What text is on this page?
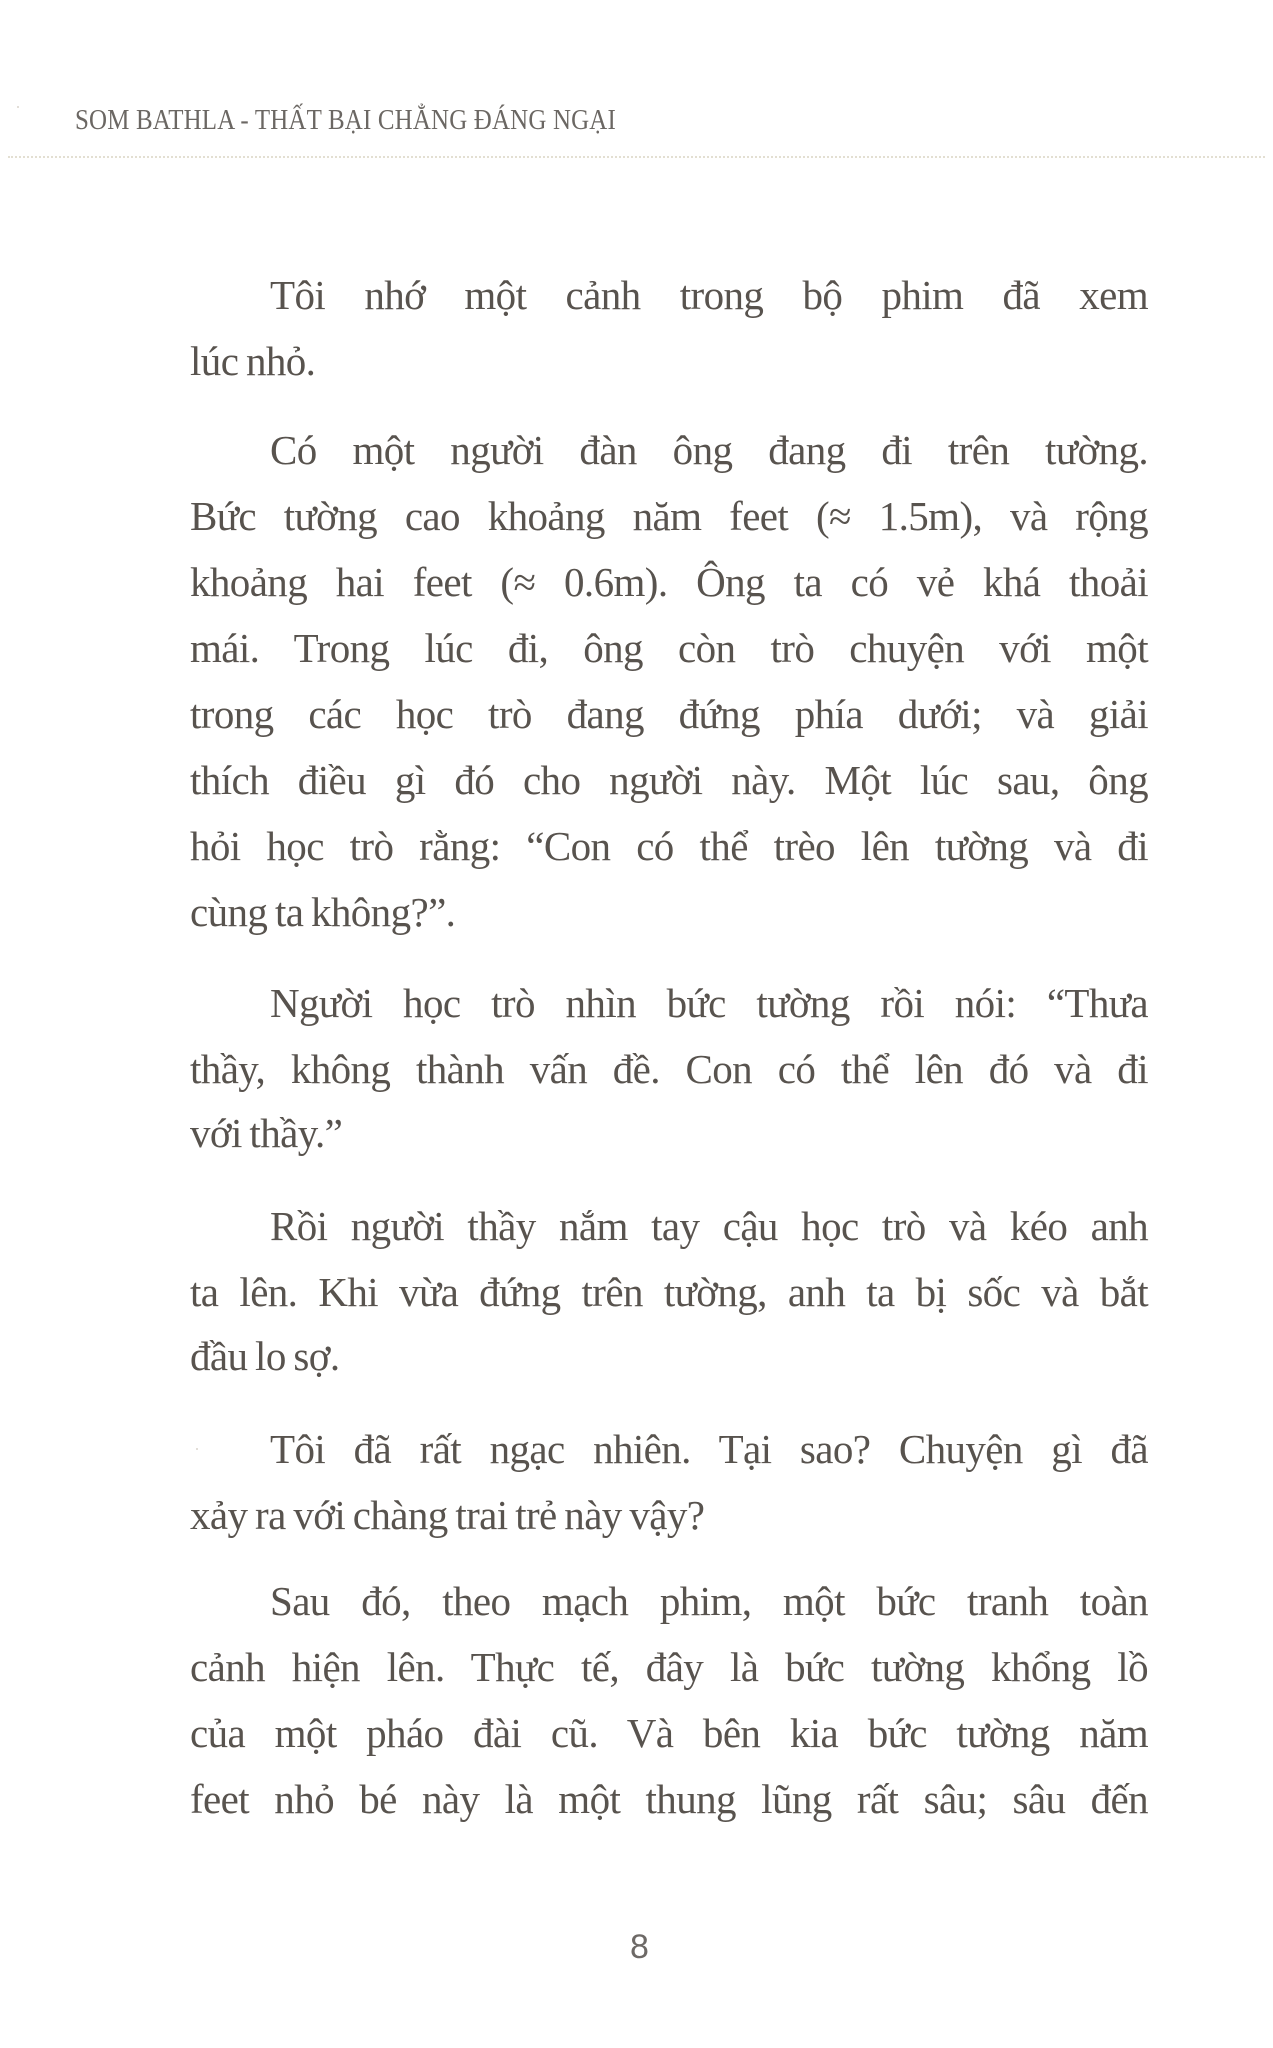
SOM BATHLA - THẤT BẠI CHẲNG ĐÁNG NGẠI
Tôi nhớ một cảnh trong bộ phim đã xem
lúc nhỏ.
Có một người đàn ông đang đi trên tường.
Bức tường cao khoảng năm feet (≈ 1.5m), và rộng
khoảng hai feet (≈ 0.6m). Ông ta có vẻ khá thoải
mái. Trong lúc đi, ông còn trò chuyện với một
trong các học trò đang đứng phía dưới; và giải
thích điều gì đó cho người này. Một lúc sau, ông
hỏi học trò rằng: “Con có thể trèo lên tường và đi
cùng ta không?”.
Người học trò nhìn bức tường rồi nói: “Thưa
thầy, không thành vấn đề. Con có thể lên đó và đi
với thầy.”
Rồi người thầy nắm tay cậu học trò và kéo anh
ta lên. Khi vừa đứng trên tường, anh ta bị sốc và bắt
đầu lo sợ.
Tôi đã rất ngạc nhiên. Tại sao? Chuyện gì đã
xảy ra với chàng trai trẻ này vậy?
Sau đó, theo mạch phim, một bức tranh toàn
cảnh hiện lên. Thực tế, đây là bức tường khổng lồ
của một pháo đài cũ. Và bên kia bức tường năm
feet nhỏ bé này là một thung lũng rất sâu; sâu đến
8
